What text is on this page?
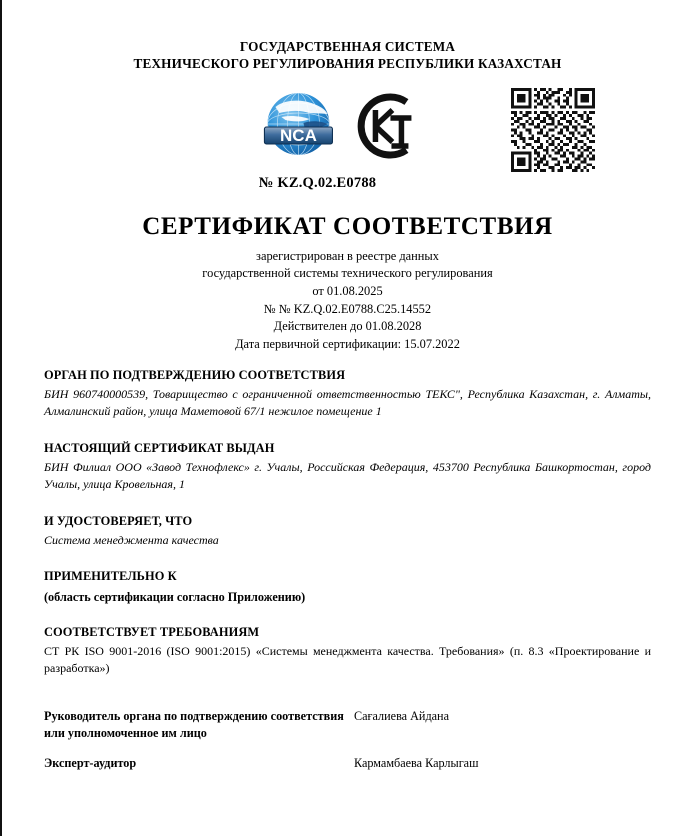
ГОСУДАРСТВЕННАЯ СИСТЕМА
ТЕХНИЧЕСКОГО РЕГУЛИРОВАНИЯ РЕСПУБЛИКИ КАЗАХСТАН
NCA
№ KZ.Q.02.E0788
СЕРТИФИКАТ СООТВЕТСТВИЯ
зарегистрирован в реестре данных
государственной системы технического регулирования
от 01.08.2025
№ № KZ.Q.02.E0788.C25.14552
Действителен до 01.08.2028
Дата первичной сертификации: 15.07.2022
ОРГАН ПО ПОДТВЕРЖДЕНИЮ СООТВЕТСТВИЯ
БИН 960740000539, Товарищество с ограниченной ответственностью ТЕКС", Республика Казахстан, г. Алматы, Алмалинский район, улица Маметовой 67/1 нежилое помещение 1
НАСТОЯЩИЙ СЕРТИФИКАТ ВЫДАН
БИН Филиал ООО «Завод Технофлекс» г. Учалы, Российская Федерация, 453700 Республика Башкортостан, город Учалы, улица Кровельная, 1
И УДОСТОВЕРЯЕТ, ЧТО
Система менеджмента качества
ПРИМЕНИТЕЛЬНО К
(область сертификации согласно Приложению)
СООТВЕТСТВУЕТ ТРЕБОВАНИЯМ
СТ РК ISO 9001-2016 (ISO 9001:2015) «Системы менеджмента качества. Требования» (п. 8.3 «Проектирование и разработка»)
Руководитель органа по подтверждению соответствия или уполномоченное им лицо
Сағалиева Айдана
Эксперт-аудитор	Кармамбаева Карлыгаш
